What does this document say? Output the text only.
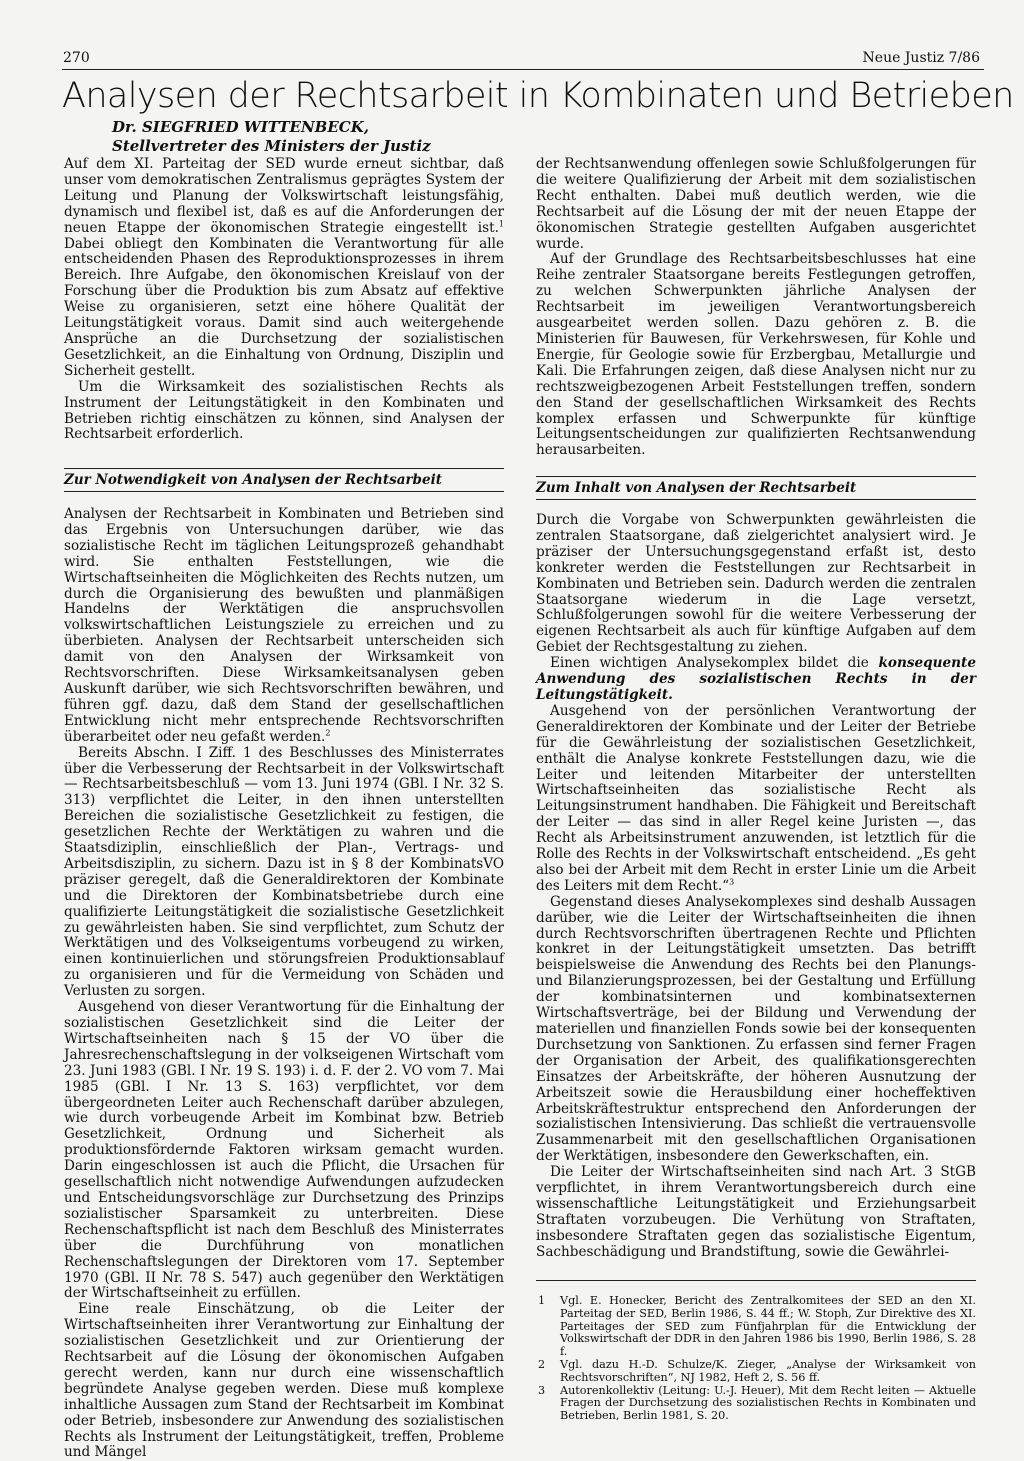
270	Neue Justiz 7/86
Analysen der Rechtsarbeit in Kombinaten und Betrieben
Dr. SIEGFRIED WITTENBECK,
Stellvertreter des Ministers der Justiz

Auf dem XI. Parteitag der SED wurde erneut sichtbar, daß unser vom demokratischen Zentralismus geprägtes System der Leitung und Planung der Volkswirtschaft leistungsfähig, dynamisch und flexibel ist, daß es auf die Anforderungen der neuen Etappe der ökonomischen Strategie eingestellt ist.$^1$ Dabei obliegt den Kombinaten die Verantwortung für alle entscheidenden Phasen des Reproduktionsprozesses in ihrem Bereich. Ihre Aufgabe, den ökonomischen Kreislauf von der Forschung über die Produktion bis zum Absatz auf effektive Weise zu organisieren, setzt eine höhere Qualität der Leitungstätigkeit voraus. Damit sind auch weitergehende Ansprüche an die Durchsetzung der sozialistischen Gesetzlichkeit, an die Einhaltung von Ordnung, Disziplin und Sicherheit gestellt.

Um die Wirksamkeit des sozialistischen Rechts als Instrument der Leitungstätigkeit in den Kombinaten und Betrieben richtig einschätzen zu können, sind Analysen der Rechtsarbeit erforderlich.

der Rechtsanwendung offenlegen sowie Schlußfolgerungen für die weitere Qualifizierung der Arbeit mit dem sozialistischen Recht enthalten. Dabei muß deutlich werden, wie die Rechtsarbeit auf die Lösung der mit der neuen Etappe der ökonomischen Strategie gestellten Aufgaben ausgerichtet wurde.

Auf der Grundlage des Rechtsarbeitsbeschlusses hat eine Reihe zentraler Staatsorgane bereits Festlegungen getroffen, zu welchen Schwerpunkten jährliche Analysen der Rechtsarbeit im jeweiligen Verantwortungsbereich ausgearbeitet werden sollen. Dazu gehören z. B. die Ministerien für Bauwesen, für Verkehrswesen, für Kohle und Energie, für Geologie sowie für Erzbergbau, Metallurgie und Kali. Die Erfahrungen zeigen, daß diese Analysen nicht nur zu rechtszweigbezogenen Arbeit Feststellungen treffen, sondern den Stand der gesellschaftlichen Wirksamkeit des Rechts komplex erfassen und Schwerpunkte für künftige Leitungsentscheidungen zur qualifizierten Rechtsanwendung herausarbeiten.

Zur Notwendigkeit von Analysen der Rechtsarbeit	Zum Inhalt von Analysen der Rechtsarbeit

Analysen der Rechtsarbeit in Kombinaten und Betrieben sind das Ergebnis von Untersuchungen darüber, wie das sozialistische Recht im täglichen Leitungsprozeß gehandhabt wird. Sie enthalten Feststellungen, wie die Wirtschaftseinheiten die Möglichkeiten des Rechts nutzen, um durch die Organisierung des bewußten und planmäßigen Handelns der Werktätigen die anspruchsvollen volkswirtschaftlichen Leistungsziele zu erreichen und zu überbieten. Analysen der Rechtsarbeit unterscheiden sich damit von den Analysen der Wirksamkeit von Rechtsvorschriften. Diese Wirksamkeitsanalysen geben Auskunft darüber, wie sich Rechtsvorschriften bewähren, und führen ggf. dazu, daß dem Stand der gesellschaftlichen Entwicklung nicht mehr entsprechende Rechtsvorschriften überarbeitet oder neu gefaßt werden.$^2$

Bereits Abschn. I Ziff. 1 des Beschlusses des Ministerrates über die Verbesserung der Rechtsarbeit in der Volkswirtschaft — Rechtsarbeitsbeschluß — vom 13. Juni 1974 (GBl. I Nr. 32 S. 313) verpflichtet die Leiter, in den ihnen unterstellten Bereichen die sozialistische Gesetzlichkeit zu festigen, die gesetzlichen Rechte der Werktätigen zu wahren und die Staatsdiziplin, einschließlich der Plan-, Vertrags- und Arbeitsdisziplin, zu sichern. Dazu ist in § 8 der KombinatsVO präziser geregelt, daß die Generaldirektoren der Kombinate und die Direktoren der Kombinatsbetriebe durch eine qualifizierte Leitungstätigkeit die sozialistische Gesetzlichkeit zu gewährleisten haben. Sie sind verpflichtet, zum Schutz der Werktätigen und des Volkseigentums vorbeugend zu wirken, einen kontinuierlichen und störungsfreien Produktionsablauf zu organisieren und für die Vermeidung von Schäden und Verlusten zu sorgen.

Ausgehend von dieser Verantwortung für die Einhaltung der sozialistischen Gesetzlichkeit sind die Leiter der Wirtschaftseinheiten nach § 15 der VO über die Jahresrechenschaftslegung in der volkseigenen Wirtschaft vom 23. Juni 1983 (GBl. I Nr. 19 S. 193) i. d. F. der 2. VO vom 7. Mai 1985 (GBl. I Nr. 13 S. 163) verpflichtet, vor dem übergeordneten Leiter auch Rechenschaft darüber abzulegen, wie durch vorbeugende Arbeit im Kombinat bzw. Betrieb Gesetzlichkeit, Ordnung und Sicherheit als produktionsfördernde Faktoren wirksam gemacht wurden. Darin eingeschlossen ist auch die Pflicht, die Ursachen für gesellschaftlich nicht notwendige Aufwendungen aufzudecken und Entscheidungsvorschläge zur Durchsetzung des Prinzips sozialistischer Sparsamkeit zu unterbreiten. Diese Rechenschaftspflicht ist nach dem Beschluß des Ministerrates über die Durchführung von monatlichen Rechenschaftslegungen der Direktoren vom 17. September 1970 (GBl. II Nr. 78 S. 547) auch gegenüber den Werktätigen der Wirtschaftseinheit zu erfüllen.

Eine reale Einschätzung, ob die Leiter der Wirtschaftseinheiten ihrer Verantwortung zur Einhaltung der sozialistischen Gesetzlichkeit und zur Orientierung der Rechtsarbeit auf die Lösung der ökonomischen Aufgaben gerecht werden, kann nur durch eine wissenschaftlich begründete Analyse gegeben werden. Diese muß komplexe inhaltliche Aussagen zum Stand der Rechtsarbeit im Kombinat oder Betrieb, insbesondere zur Anwendung des sozialistischen Rechts als Instrument der Leitungstätigkeit, treffen, Probleme und Mängel

Durch die Vorgabe von Schwerpunkten gewährleisten die zentralen Staatsorgane, daß zielgerichtet analysiert wird. Je präziser der Untersuchungsgegenstand erfaßt ist, desto konkreter werden die Feststellungen zur Rechtsarbeit in Kombinaten und Betrieben sein. Dadurch werden die zentralen Staatsorgane wiederum in die Lage versetzt, Schlußfolgerungen sowohl für die weitere Verbesserung der eigenen Rechtsarbeit als auch für künftige Aufgaben auf dem Gebiet der Rechtsgestaltung zu ziehen.

Einen wichtigen Analysekomplex bildet die konsequente Anwendung des sozialistischen Rechts in der Leitungstätigkeit.

Ausgehend von der persönlichen Verantwortung der Generaldirektoren der Kombinate und der Leiter der Betriebe für die Gewährleistung der sozialistischen Gesetzlichkeit, enthält die Analyse konkrete Feststellungen dazu, wie die Leiter und leitenden Mitarbeiter der unterstellten Wirtschaftseinheiten das sozialistische Recht als Leitungsinstrument handhaben. Die Fähigkeit und Bereitschaft der Leiter — das sind in aller Regel keine Juristen —, das Recht als Arbeitsinstrument anzuwenden, ist letztlich für die Rolle des Rechts in der Volkswirtschaft entscheidend. „Es geht also bei der Arbeit mit dem Recht in erster Linie um die Arbeit des Leiters mit dem Recht.“$^3$

Gegenstand dieses Analysekomplexes sind deshalb Aussagen darüber, wie die Leiter der Wirtschaftseinheiten die ihnen durch Rechtsvorschriften übertragenen Rechte und Pflichten konkret in der Leitungstätigkeit umsetzten. Das betrifft beispielsweise die Anwendung des Rechts bei den Planungs- und Bilanzierungsprozessen, bei der Gestaltung und Erfüllung der kombinatsinternen und kombinatsexternen Wirtschaftsverträge, bei der Bildung und Verwendung der materiellen und finanziellen Fonds sowie bei der konsequenten Durchsetzung von Sanktionen. Zu erfassen sind ferner Fragen der Organisation der Arbeit, des qualifikationsgerechten Einsatzes der Arbeitskräfte, der höheren Ausnutzung der Arbeitszeit sowie die Herausbildung einer hocheffektiven Arbeitskräftestruktur entsprechend den Anforderungen der sozialistischen Intensivierung. Das schließt die vertrauensvolle Zusammenarbeit mit den gesellschaftlichen Organisationen der Werktätigen, insbesondere den Gewerkschaften, ein.

Die Leiter der Wirtschaftseinheiten sind nach Art. 3 StGB verpflichtet, in ihrem Verantwortungsbereich durch eine wissenschaftliche Leitungstätigkeit und Erziehungsarbeit Straftaten vorzubeugen. Die Verhütung von Straftaten, insbesondere Straftaten gegen das sozialistische Eigentum, Sachbeschädigung und Brandstiftung, sowie die Gewährlei-

1 Vgl. E. Honecker, Bericht des Zentralkomitees der SED an den XI. Parteitag der SED, Berlin 1986, S. 44 ff.; W. Stoph, Zur Direktive des XI. Parteitages der SED zum Fünfjahrplan für die Entwicklung der Volkswirtschaft der DDR in den Jahren 1986 bis 1990, Berlin 1986, S. 28 f.
2 Vgl. dazu H.-D. Schulze/K. Zieger, „Analyse der Wirksamkeit von Rechtsvorschriften“, NJ 1982, Heft 2, S. 56 ff.
3 Autorenkollektiv (Leitung: U.-J. Heuer), Mit dem Recht leiten — Aktuelle Fragen der Durchsetzung des sozialistischen Rechts in Kombinaten und Betrieben, Berlin 1981, S. 20.
